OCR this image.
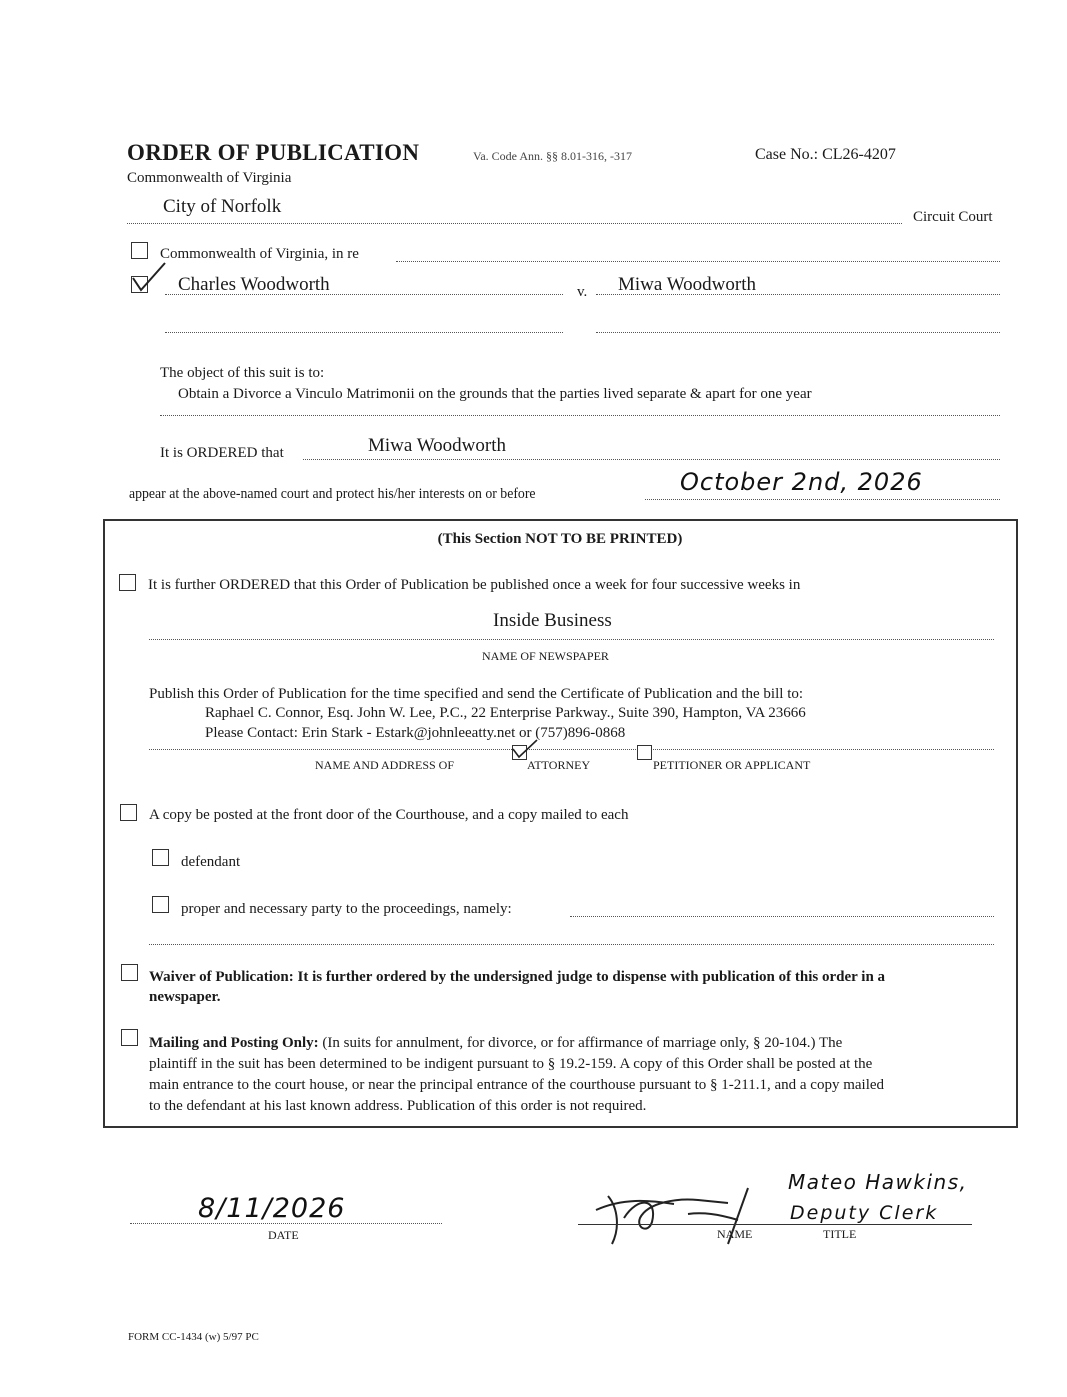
ORDER OF PUBLICATION	Va. Code Ann. §§ 8.01-316, -317	Case No.: CL26-4207
Commonwealth of Virginia
City of Norfolk	Circuit Court
Commonwealth of Virginia, in re
Charles Woodworth	v. Miwa Woodworth
The object of this suit is to:
Obtain a Divorce a Vinculo Matrimonii on the grounds that the parties lived separate & apart for one year
It is ORDERED that	Miwa Woodworth
appear at the above-named court and protect his/her interests on or before	October 2nd, 2026
(This Section NOT TO BE PRINTED)
It is further ORDERED that this Order of Publication be published once a week for four successive weeks in
Inside Business
NAME OF NEWSPAPER
Publish this Order of Publication for the time specified and send the Certificate of Publication and the bill to:
Raphael C. Connor, Esq. John W. Lee, P.C., 22 Enterprise Parkway., Suite 390, Hampton, VA 23666
Please Contact: Erin Stark - Estark@johnleeatty.net or (757)896-0868
NAME AND ADDRESS OF	ATTORNEY	PETITIONER OR APPLICANT
A copy be posted at the front door of the Courthouse, and a copy mailed to each
defendant
proper and necessary party to the proceedings, namely:
Waiver of Publication: It is further ordered by the undersigned judge to dispense with publication of this order in a
newspaper.
Mailing and Posting Only: (In suits for annulment, for divorce, or for affirmance of marriage only, § 20-104.) The
plaintiff in the suit has been determined to be indigent pursuant to § 19.2-159. A copy of this Order shall be posted at the
main entrance to the court house, or near the principal entrance of the courthouse pursuant to § 1-211.1, and a copy mailed
to the defendant at his last known address. Publication of this order is not required.
8/11/2026
DATE
Mateo Hawkins,
Deputy Clerk
NAME	TITLE
FORM CC-1434 (w) 5/97 PC
